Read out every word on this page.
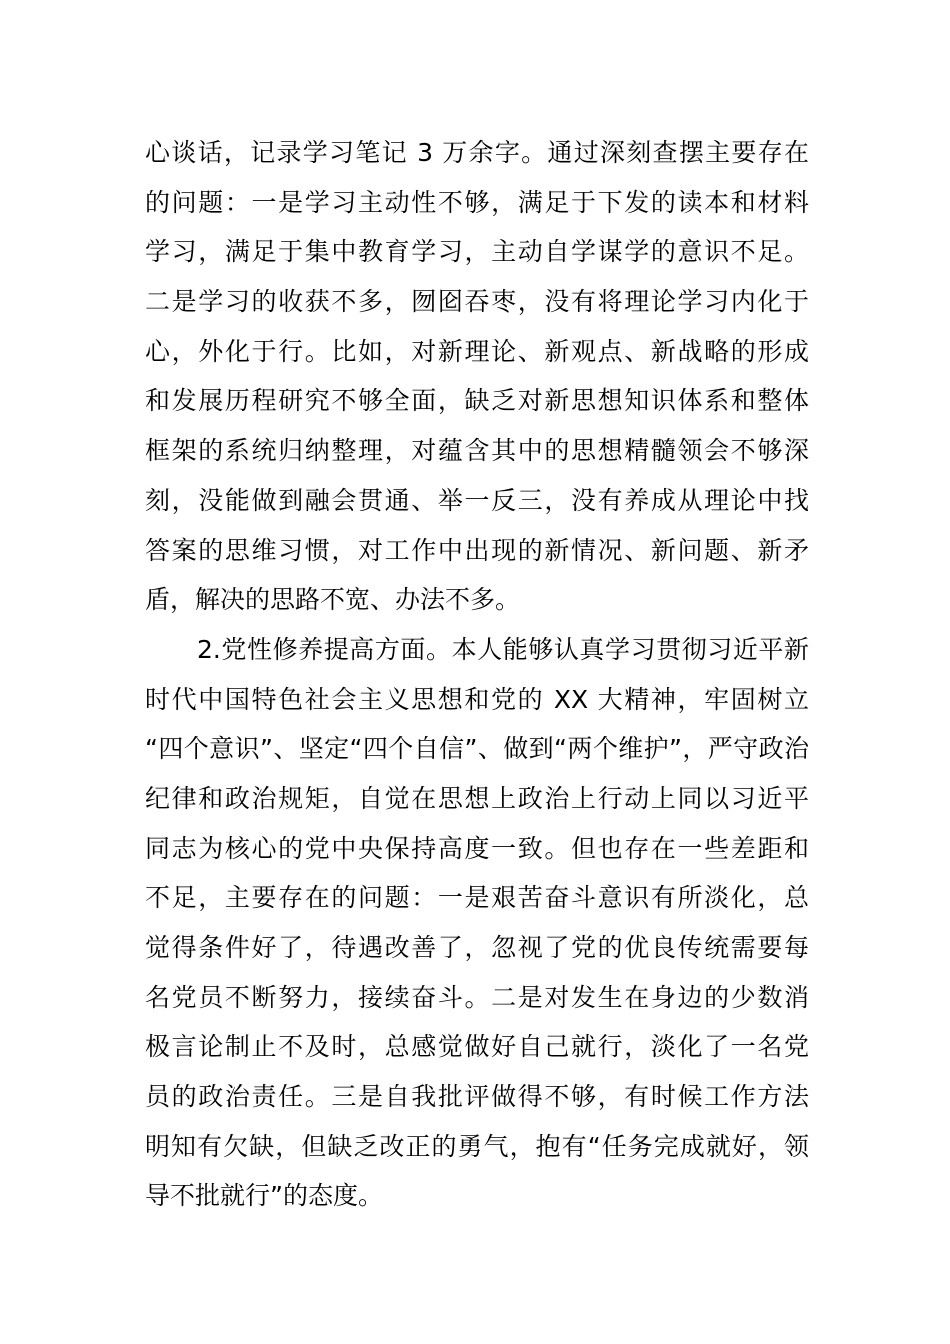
心谈话，记录学习笔记 3 万余字。通过深刻查摆主要存在
的问题：一是学习主动性不够，满足于下发的读本和材料
学习，满足于集中教育学习，主动自学谋学的意识不足。
二是学习的收获不多，囫囵吞枣，没有将理论学习内化于
心，外化于行。比如，对新理论、新观点、新战略的形成
和发展历程研究不够全面，缺乏对新思想知识体系和整体
框架的系统归纳整理，对蕴含其中的思想精髓领会不够深
刻，没能做到融会贯通、举一反三，没有养成从理论中找
答案的思维习惯，对工作中出现的新情况、新问题、新矛
盾，解决的思路不宽、办法不多。
2.党性修养提高方面。本人能够认真学习贯彻习近平新
时代中国特色社会主义思想和党的 XX 大精神，牢固树立
“四个意识”、坚定“四个自信”、做到“两个维护”，严守政治
纪律和政治规矩，自觉在思想上政治上行动上同以习近平
同志为核心的党中央保持高度一致。但也存在一些差距和
不足，主要存在的问题：一是艰苦奋斗意识有所淡化，总
觉得条件好了，待遇改善了，忽视了党的优良传统需要每
名党员不断努力，接续奋斗。二是对发生在身边的少数消
极言论制止不及时，总感觉做好自己就行，淡化了一名党
员的政治责任。三是自我批评做得不够，有时候工作方法
明知有欠缺，但缺乏改正的勇气，抱有“任务完成就好，领
导不批就行”的态度。
